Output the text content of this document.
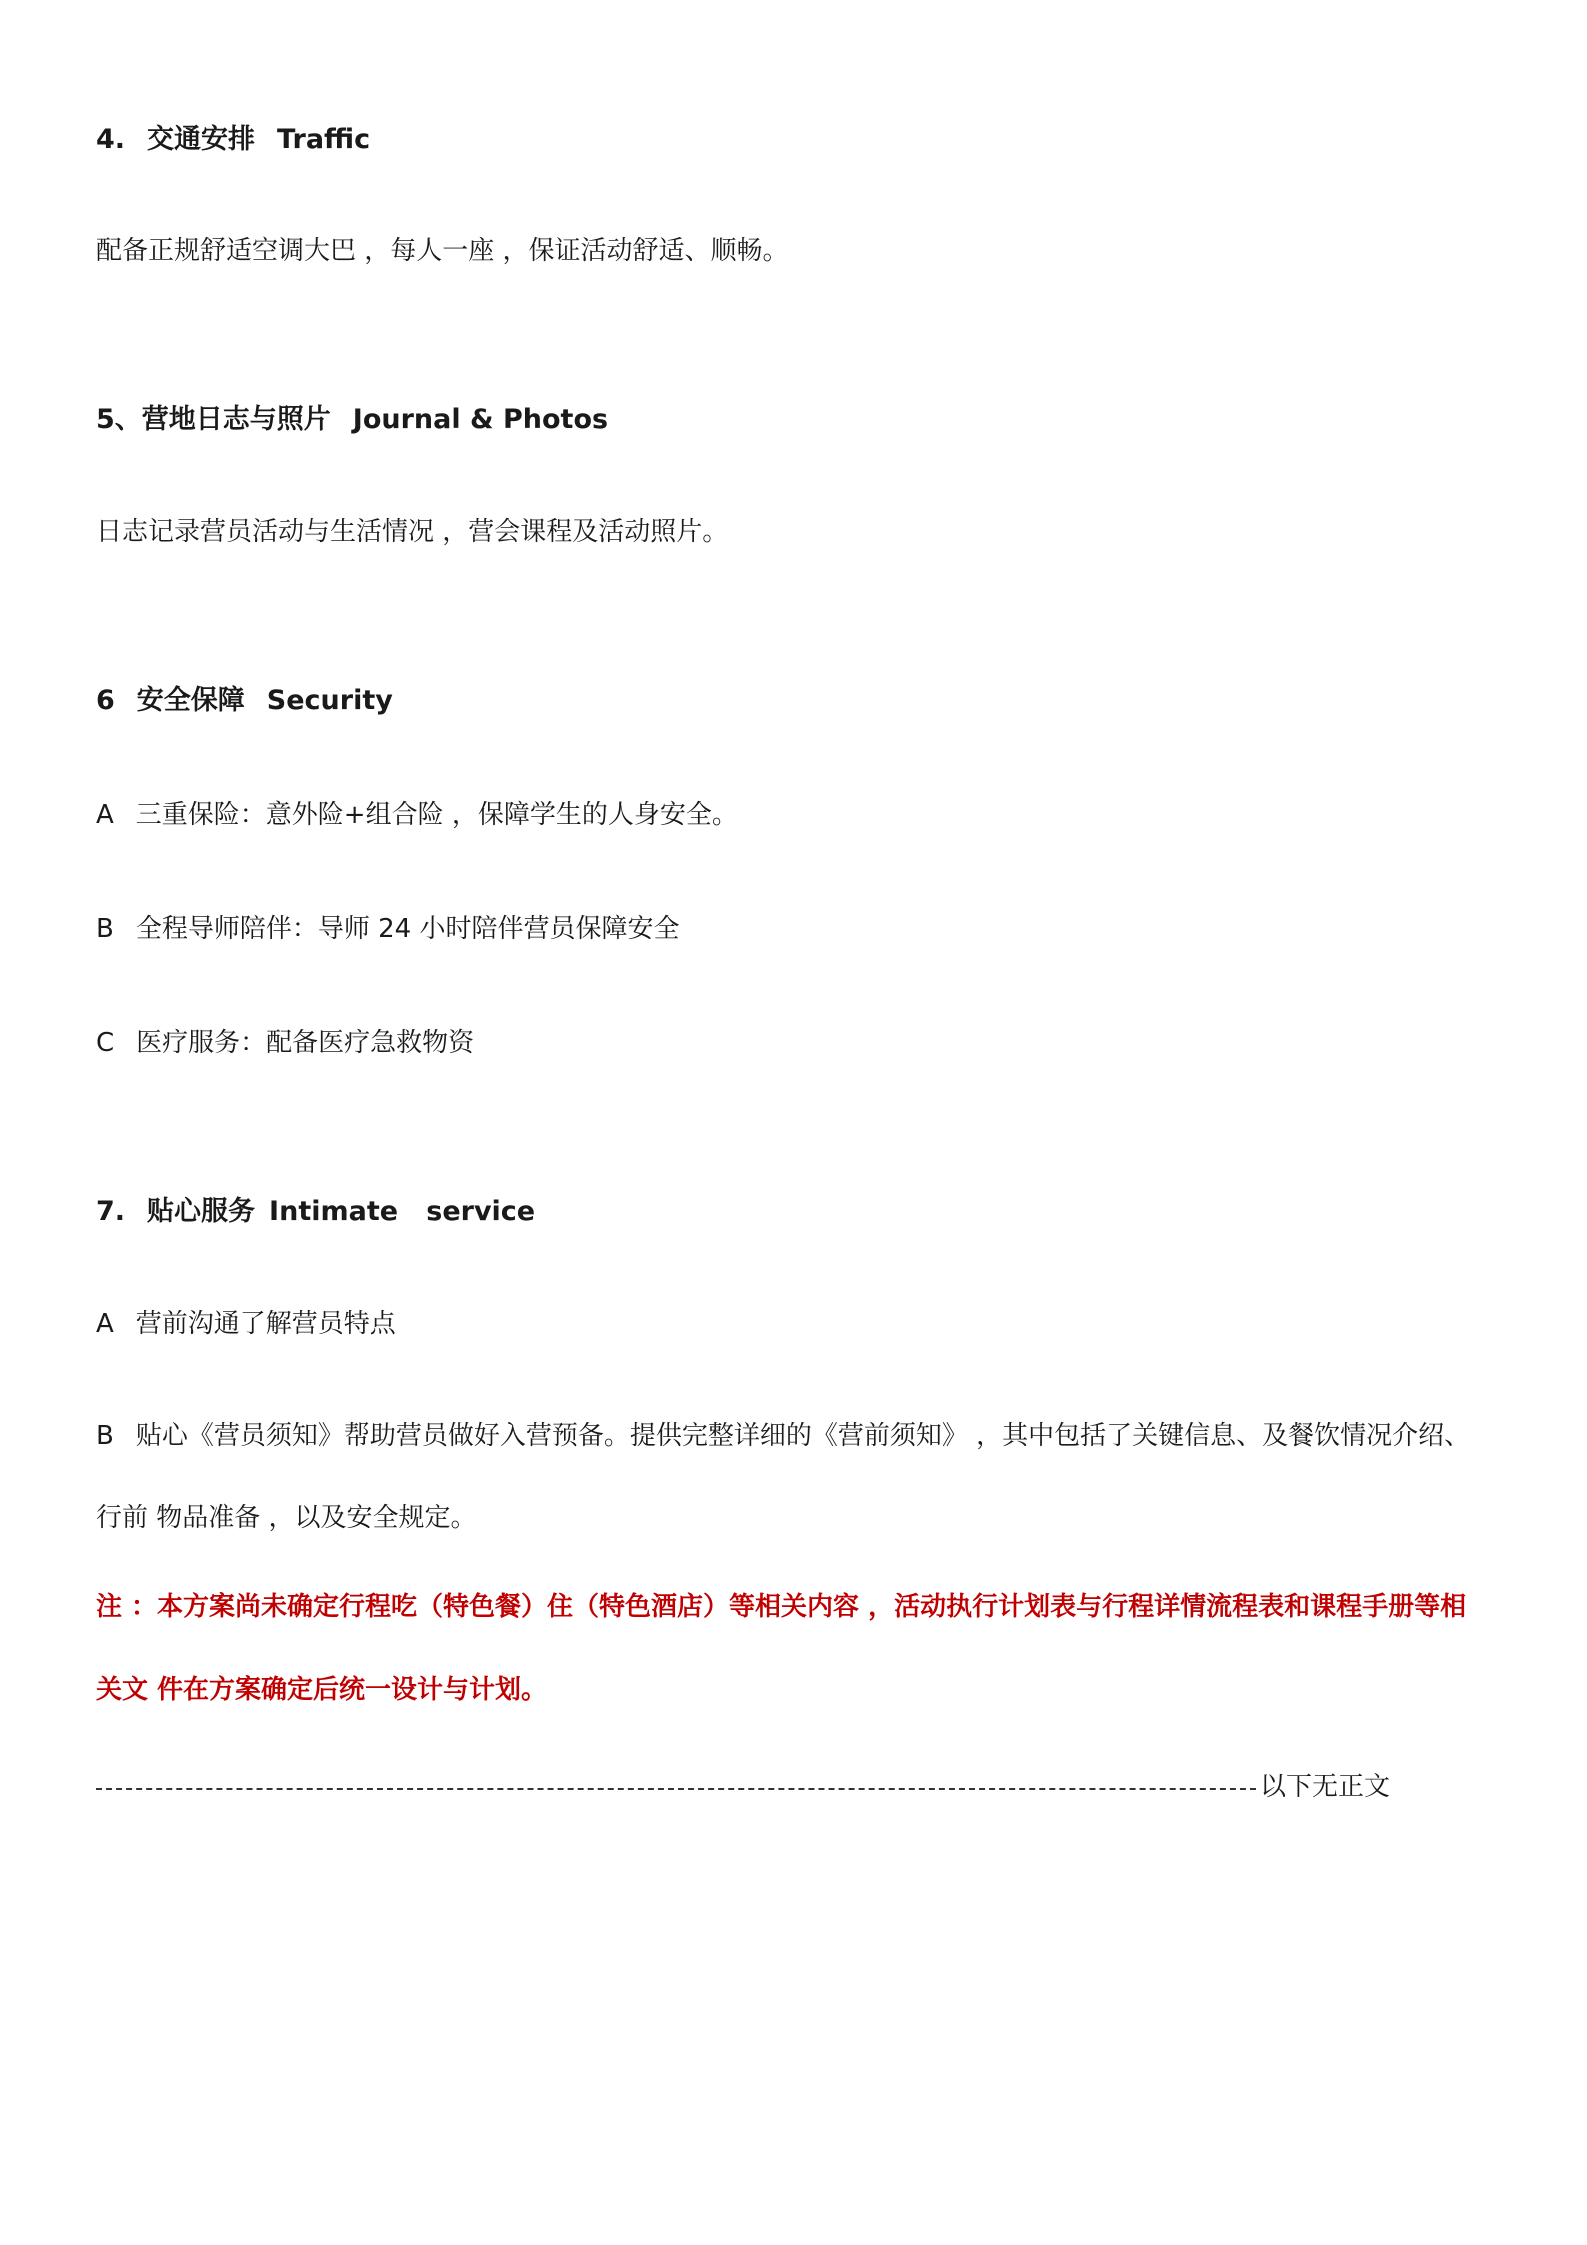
4. 交通安排 Traffic
配备正规舒适空调大巴 ，每人一座 ，保证活动舒适、顺畅。
5、营地日志与照片 Journal & Photos
日志记录营员活动与生活情况 ，营会课程及活动照片。
6 安全保障 Security
A 三重保险：意外险+组合险 ，保障学生的人身安全。
B 全程导师陪伴：导师 24 小时陪伴营员保障安全
C 医疗服务：配备医疗急救物资
7. 贴心服务 Intimate   service
A 营前沟通了解营员特点
B 贴心《营员须知》帮助营员做好入营预备。提供完整详细的《营前须知》 ，其中包括了关键信息、及餐饮情况介绍、
行前 物品准备 ，以及安全规定。
注 ：本方案尚未确定行程吃（特色餐）住（特色酒店）等相关内容 ，活动执行计划表与行程详情流程表和课程手册等相
关文 件在方案确定后统一设计与计划。
以下无正文
